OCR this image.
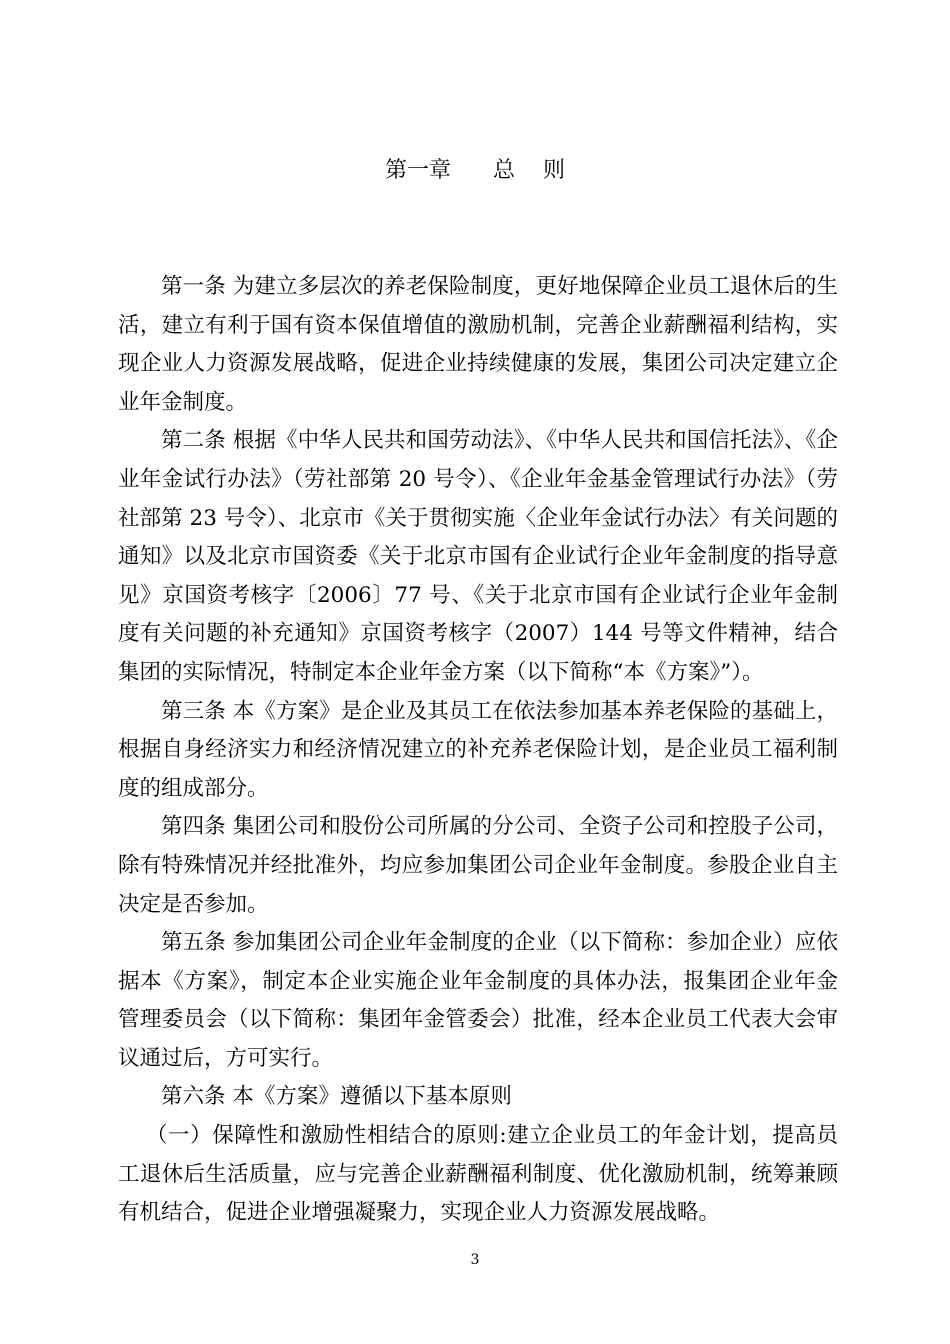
第一章      总    则

第一条 为建立多层次的养老保险制度，更好地保障企业员工退休后的生活，建立有利于国有资本保值增值的激励机制，完善企业薪酬福利结构，实现企业人力资源发展战略，促进企业持续健康的发展，集团公司决定建立企业年金制度。

第二条 根据《中华人民共和国劳动法》、《中华人民共和国信托法》、《企业年金试行办法》（劳社部第 20 号令）、《企业年金基金管理试行办法》（劳社部第 23 号令）、北京市《关于贯彻实施〈企业年金试行办法〉有关问题的通知》以及北京市国资委《关于北京市国有企业试行企业年金制度的指导意见》京国资考核字〔2006〕77 号、《关于北京市国有企业试行企业年金制度有关问题的补充通知》京国资考核字（2007）144 号等文件精神，结合集团的实际情况，特制定本企业年金方案（以下简称“本《方案》”）。

第三条 本《方案》是企业及其员工在依法参加基本养老保险的基础上，根据自身经济实力和经济情况建立的补充养老保险计划，是企业员工福利制度的组成部分。

第四条 集团公司和股份公司所属的分公司、全资子公司和控股子公司，除有特殊情况并经批准外，均应参加集团公司企业年金制度。参股企业自主决定是否参加。

第五条 参加集团公司企业年金制度的企业（以下简称：参加企业）应依据本《方案》，制定本企业实施企业年金制度的具体办法，报集团企业年金管理委员会（以下简称：集团年金管委会）批准，经本企业员工代表大会审议通过后，方可实行。

第六条 本《方案》遵循以下基本原则

（一）保障性和激励性相结合的原则:建立企业员工的年金计划，提高员工退休后生活质量，应与完善企业薪酬福利制度、优化激励机制，统筹兼顾有机结合，促进企业增强凝聚力，实现企业人力资源发展战略。

3
